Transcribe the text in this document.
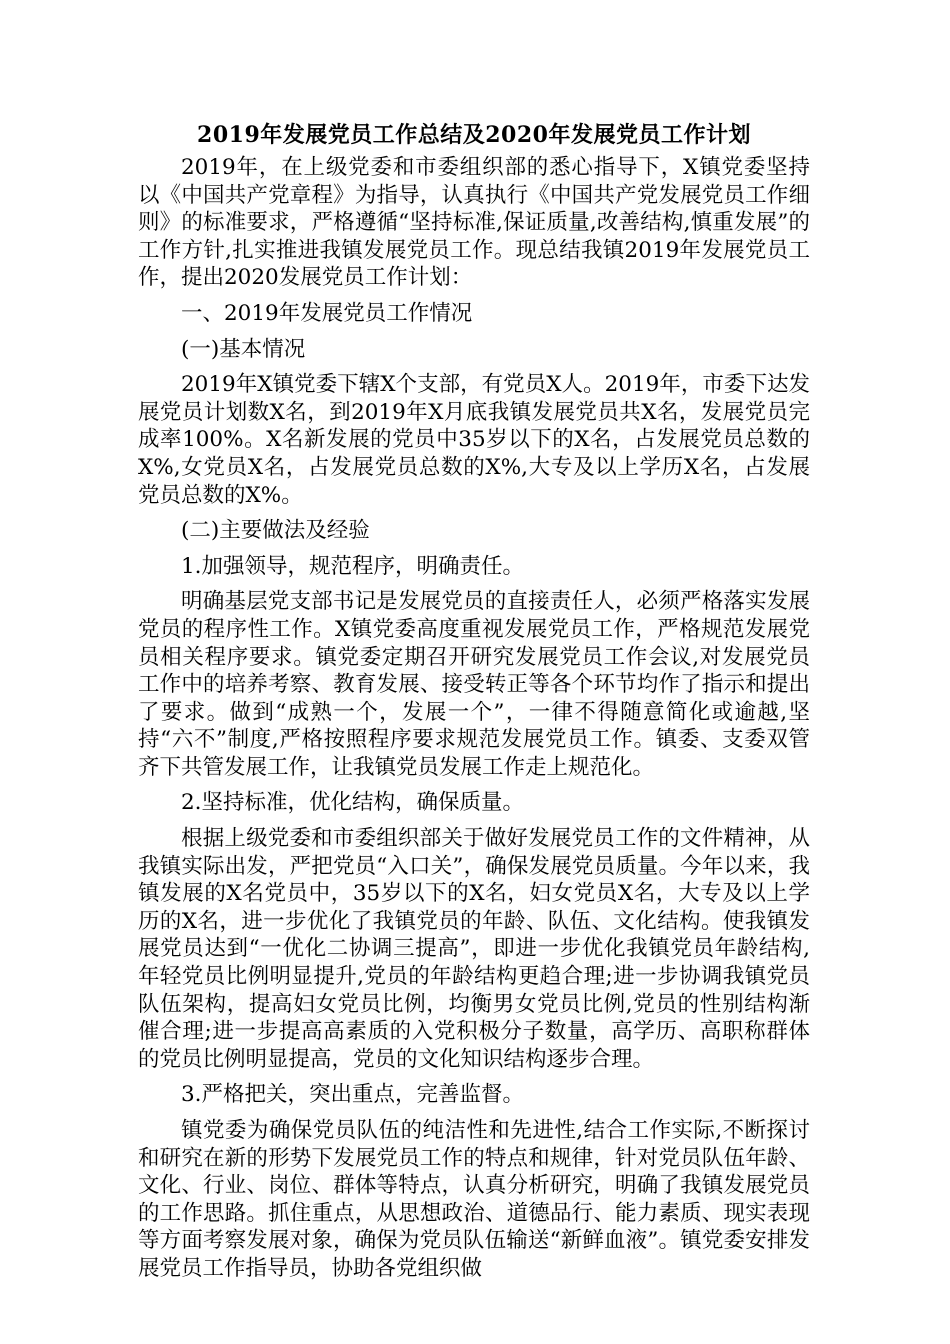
2019年发展党员工作总结及2020年发展党员工作计划

2019年，在上级党委和市委组织部的悉心指导下，X镇党委坚持以《中国共产党章程》为指导，认真执行《中国共产党发展党员工作细则》的标准要求，严格遵循“坚持标准,保证质量,改善结构,慎重发展”的工作方针,扎实推进我镇发展党员工作。现总结我镇2019年发展党员工作，提出2020发展党员工作计划：

一、2019年发展党员工作情况

(一)基本情况

2019年X镇党委下辖X个支部，有党员X人。2019年，市委下达发展党员计划数X名，到2019年X月底我镇发展党员共X名，发展党员完成率100%。X名新发展的党员中35岁以下的X名，占发展党员总数的X%,女党员X名，占发展党员总数的X%,大专及以上学历X名，占发展党员总数的X%。

(二)主要做法及经验

1.加强领导，规范程序，明确责任。

明确基层党支部书记是发展党员的直接责任人，必须严格落实发展党员的程序性工作。X镇党委高度重视发展党员工作，严格规范发展党员相关程序要求。镇党委定期召开研究发展党员工作会议,对发展党员工作中的培养考察、教育发展、接受转正等各个环节均作了指示和提出了要求。做到“成熟一个，发展一个”，一律不得随意简化或逾越,坚持“六不”制度,严格按照程序要求规范发展党员工作。镇委、支委双管齐下共管发展工作，让我镇党员发展工作走上规范化。

2.坚持标准，优化结构，确保质量。

根据上级党委和市委组织部关于做好发展党员工作的文件精神，从我镇实际出发，严把党员“入口关”，确保发展党员质量。今年以来，我镇发展的X名党员中，35岁以下的X名，妇女党员X名，大专及以上学历的X名，进一步优化了我镇党员的年龄、队伍、文化结构。使我镇发展党员达到“一优化二协调三提高”，即进一步优化我镇党员年龄结构,年轻党员比例明显提升,党员的年龄结构更趋合理;进一步协调我镇党员队伍架构，提高妇女党员比例，均衡男女党员比例,党员的性别结构渐催合理;进一步提高高素质的入党积极分子数量，高学历、高职称群体的党员比例明显提高，党员的文化知识结构逐步合理。

3.严格把关，突出重点，完善监督。

镇党委为确保党员队伍的纯洁性和先进性,结合工作实际,不断探讨和研究在新的形势下发展党员工作的特点和规律，针对党员队伍年龄、文化、行业、岗位、群体等特点，认真分析研究，明确了我镇发展党员的工作思路。抓住重点，从思想政治、道德品行、能力素质、现实表现等方面考察发展对象，确保为党员队伍输送“新鲜血液”。镇党委安排发展党员工作指导员，协助各党组织做
